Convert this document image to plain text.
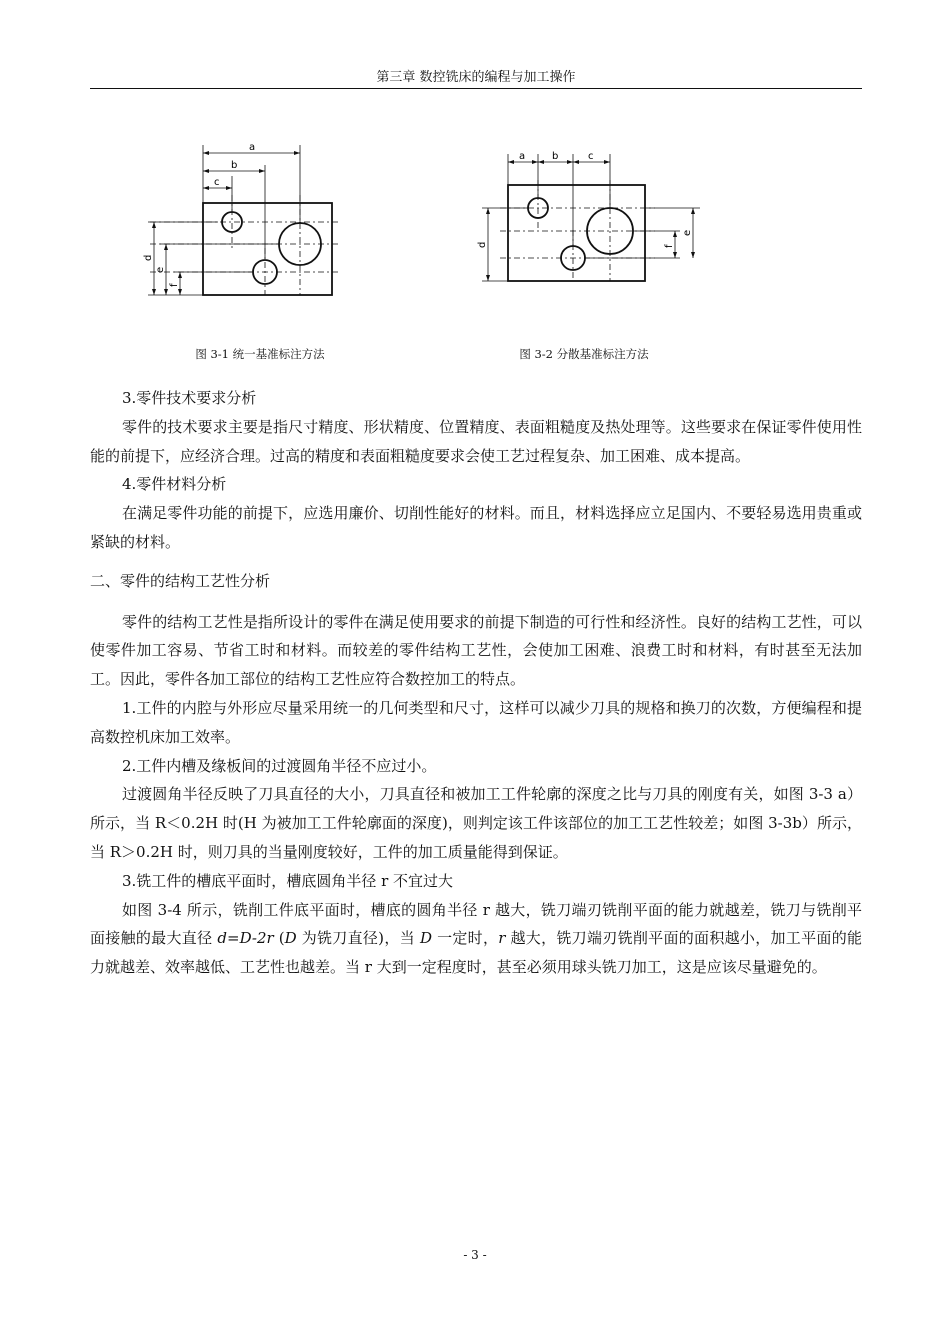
第三章 数控铣床的编程与加工操作
a
b
c
d
e
f
a	b	c
d	f
e
图 3-1 统一基准标注方法	图 3-2 分散基准标注方法

3.零件技术要求分析

零件的技术要求主要是指尺寸精度、形状精度、位置精度、表面粗糙度及热处理等。这些要求在保证零件使用性能的前提下，应经济合理。过高的精度和表面粗糙度要求会使工艺过程复杂、加工困难、成本提高。

4.零件材料分析

在满足零件功能的前提下，应选用廉价、切削性能好的材料。而且，材料选择应立足国内、不要轻易选用贵重或紧缺的材料。

二、零件的结构工艺性分析

零件的结构工艺性是指所设计的零件在满足使用要求的前提下制造的可行性和经济性。良好的结构工艺性，可以使零件加工容易、节省工时和材料。而较差的零件结构工艺性，会使加工困难、浪费工时和材料，有时甚至无法加工。因此，零件各加工部位的结构工艺性应符合数控加工的特点。

1.工件的内腔与外形应尽量采用统一的几何类型和尺寸，这样可以减少刀具的规格和换刀的次数，方便编程和提高数控机床加工效率。

2.工件内槽及缘板间的过渡圆角半径不应过小。

过渡圆角半径反映了刀具直径的大小，刀具直径和被加工工件轮廓的深度之比与刀具的刚度有关，如图 3-3 a）所示，当 R＜0.2H 时(H 为被加工工件轮廓面的深度)，则判定该工件该部位的加工工艺性较差；如图 3-3b）所示，当 R＞0.2H 时，则刀具的当量刚度较好，工件的加工质量能得到保证。

3.铣工件的槽底平面时，槽底圆角半径 r 不宜过大

如图 3-4 所示，铣削工件底平面时，槽底的圆角半径 r 越大，铣刀端刃铣削平面的能力就越差，铣刀与铣削平面接触的最大直径 d=D-2r (D 为铣刀直径)，当 D 一定时，r 越大，铣刀端刃铣削平面的面积越小，加工平面的能力就越差、效率越低、工艺性也越差。当 r 大到一定程度时，甚至必须用球头铣刀加工，这是应该尽量避免的。

- 3 -
